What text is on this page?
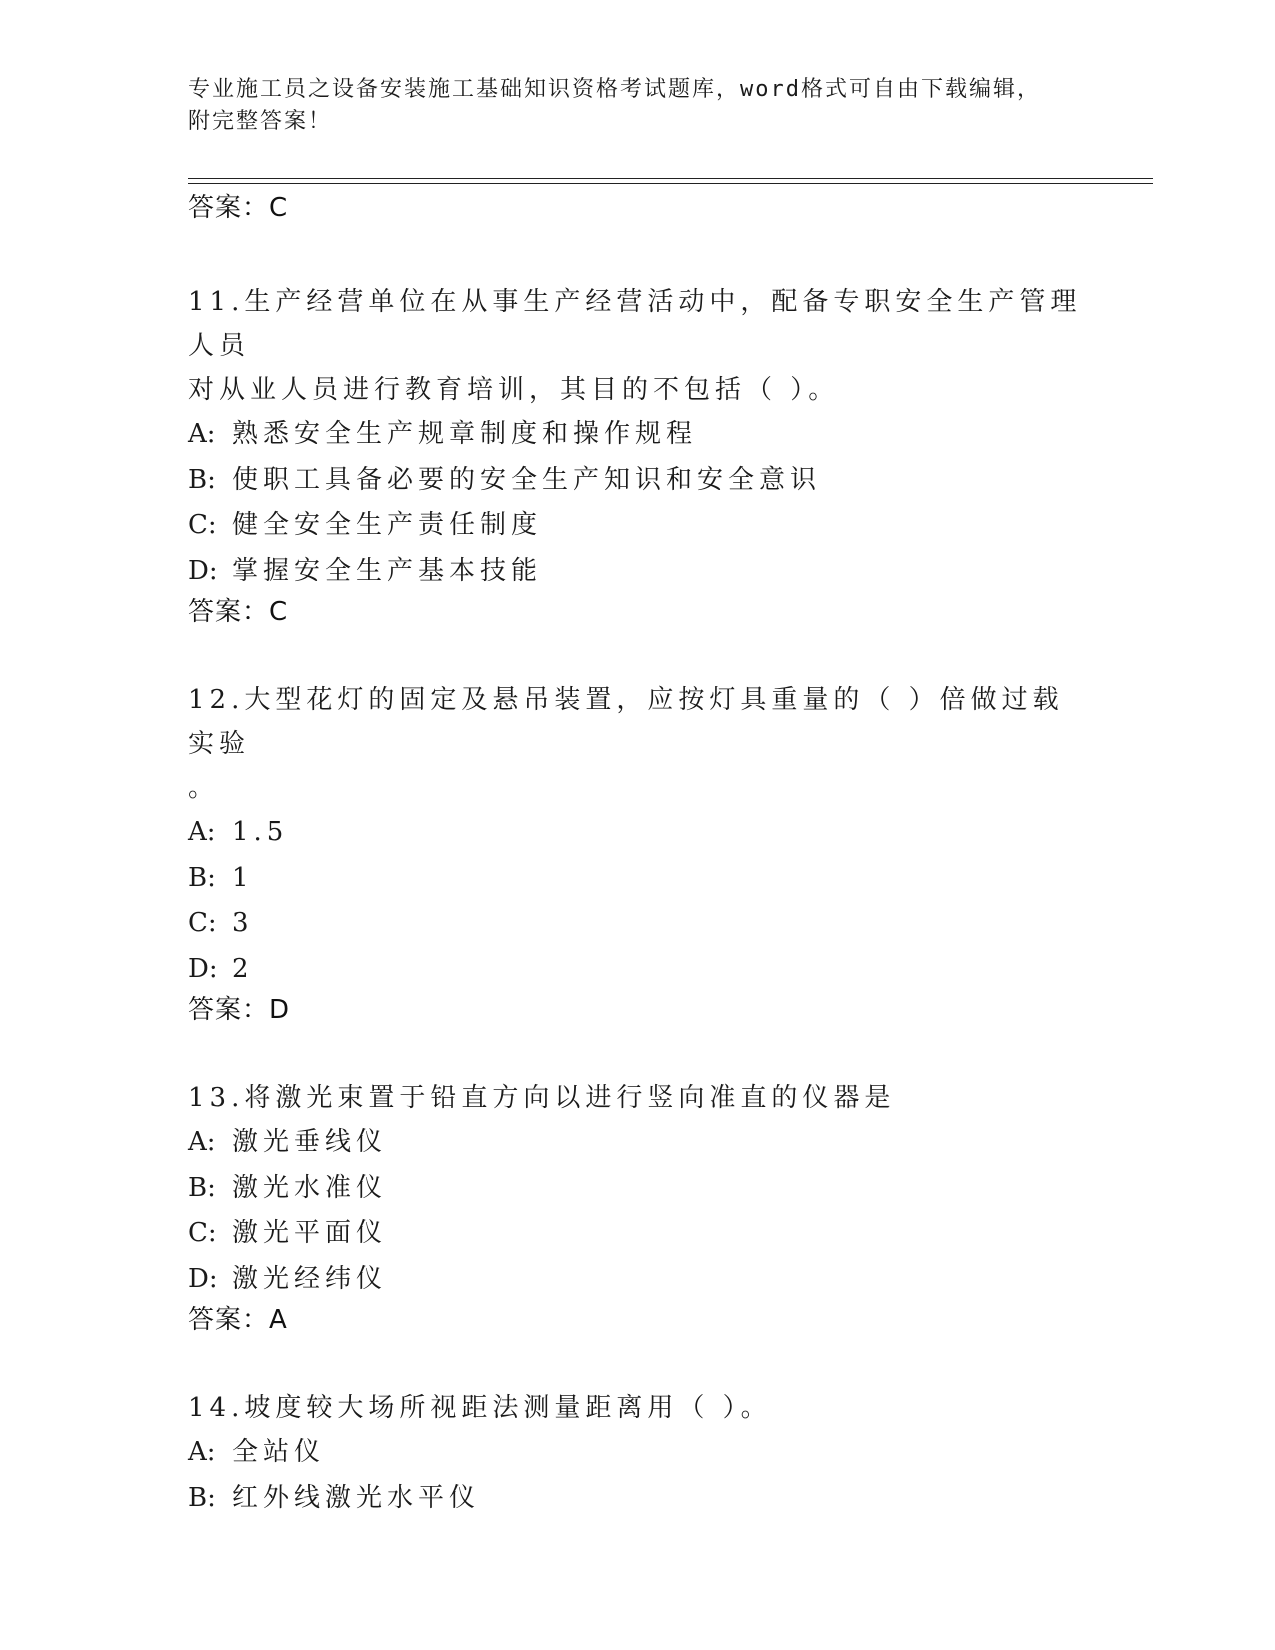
专业施工员之设备安装施工基础知识资格考试题库，word格式可自由下载编辑，
附完整答案！
答案：C
11.生产经营单位在从事生产经营活动中，配备专职安全生产管理人员
对从业人员进行教育培训，其目的不包括（ ）。
A: 熟悉安全生产规章制度和操作规程
B: 使职工具备必要的安全生产知识和安全意识
C: 健全安全生产责任制度
D: 掌握安全生产基本技能
答案：C
12.大型花灯的固定及悬吊装置，应按灯具重量的（ ）倍做过载实验
。
A: 1.5
B: 1
C: 3
D: 2
答案：D
13.将激光束置于铅直方向以进行竖向准直的仪器是
A: 激光垂线仪
B: 激光水准仪
C: 激光平面仪
D: 激光经纬仪
答案：A
14.坡度较大场所视距法测量距离用（ ）。
A: 全站仪
B: 红外线激光水平仪
